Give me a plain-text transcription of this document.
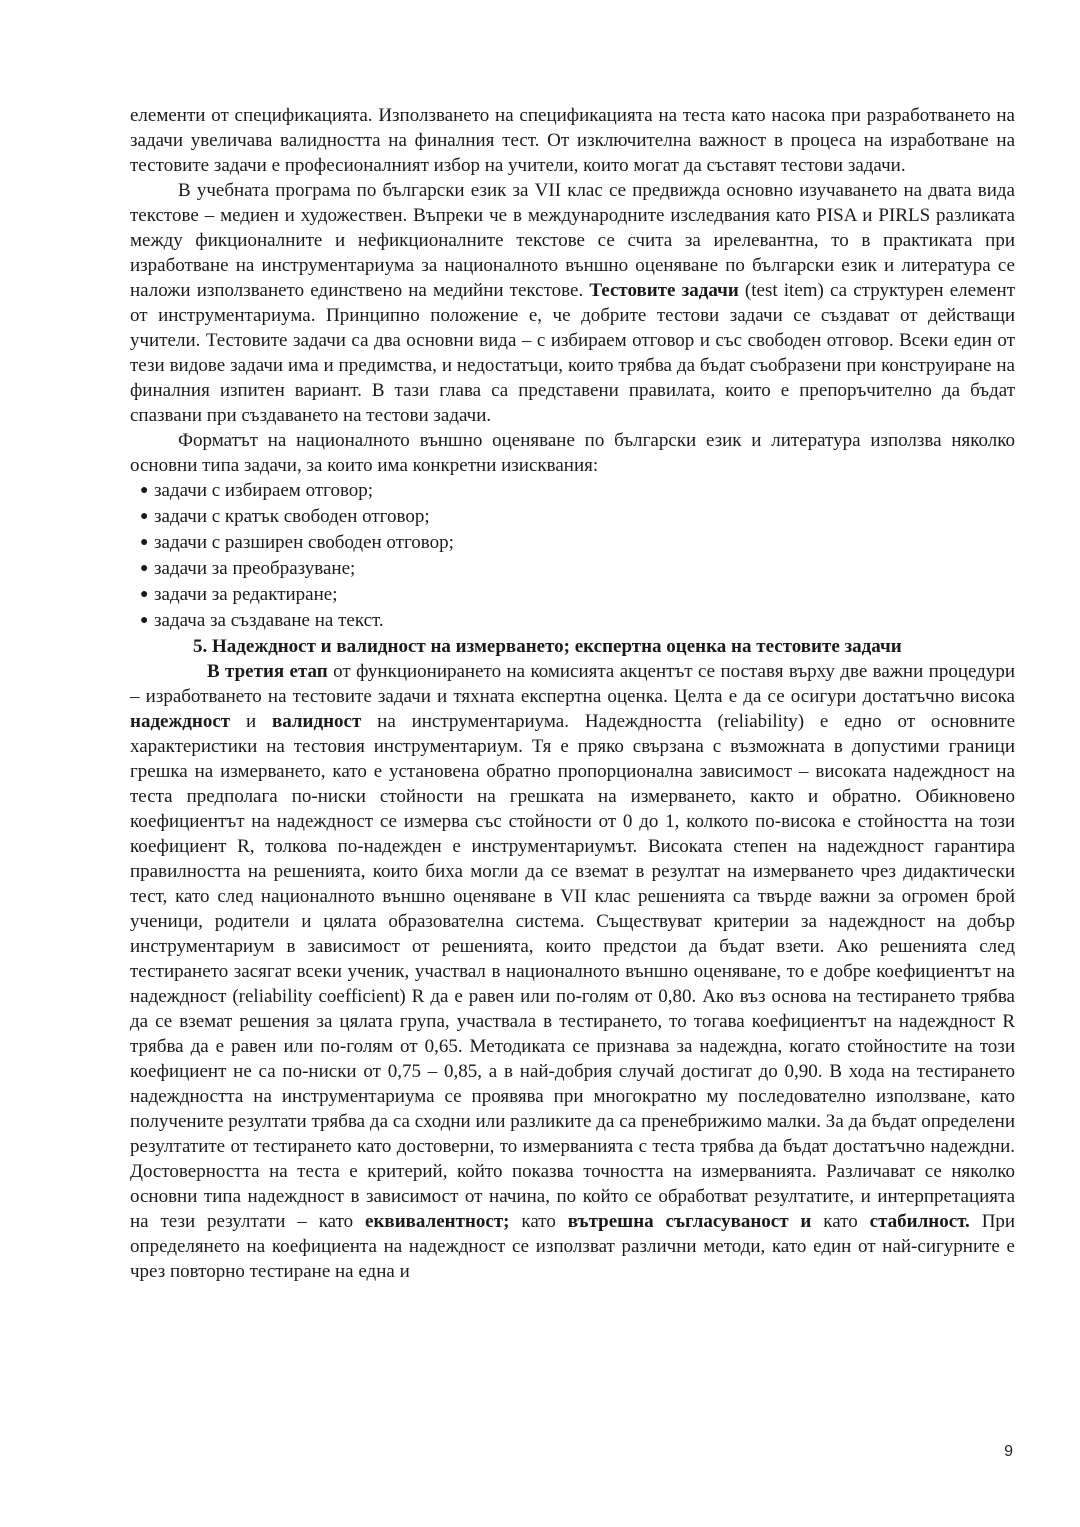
елементи от спецификацията. Използването на спецификацията на теста като насока при разработването на задачи увеличава валидността на финалния тест. От изключителна важност в процеса на изработване на тестовите задачи е професионалният избор на учители, които могат да съставят тестови задачи.

В учебната програма по български език за VII клас се предвижда основно изучаването на двата вида текстове – медиен и художествен. Въпреки че в международните изследвания като PISA и PIRLS разликата между фикционалните и нефикционалните текстове се счита за ирелевантна, то в практиката при изработване на инструментариума за националното външно оценяване по български език и литература се наложи използването единствено на медийни текстове. Тестовите задачи (test item) са структурен елемент от инструментариума. Принципно положение е, че добрите тестови задачи се създават от действащи учители. Тестовите задачи са два основни вида – с избираем отговор и със свободен отговор. Всеки един от тези видове задачи има и предимства, и недостатъци, които трябва да бъдат съобразени при конструиране на финалния изпитен вариант. В тази глава са представени правилата, които е препоръчително да бъдат спазвани при създаването на тестови задачи.

Форматът на националното външно оценяване по български език и литература използва няколко основни типа задачи, за които има конкретни изисквания:

● задачи с избираем отговор;
● задачи с кратък свободен отговор;
● задачи с разширен свободен отговор;
● задачи за преобразуване;
● задачи за редактиране;
● задача за създаване на текст.
5. Надеждност и валидност на измерването; експертна оценка на тестовите задачи

В третия етап от функционирането на комисията акцентът се поставя върху две важни процедури – изработването на тестовите задачи и тяхната експертна оценка. Целта е да се осигури достатъчно висока надеждност и валидност на инструментариума. Надеждността (reliability) е едно от основните характеристики на тестовия инструментариум. Тя е пряко свързана с възможната в допустими граници грешка на измерването, като е установена обратно пропорционална зависимост – високата надеждност на теста предполага по-ниски стойности на грешката на измерването, както и обратно. Обикновено коефициентът на надеждност се измерва със стойности от 0 до 1, колкото по-висока е стойността на този коефициент R, толкова по-надежден е инструментариумът. Високата степен на надеждност гарантира правилността на решенията, които биха могли да се вземат в резултат на измерването чрез дидактически тест, като след националното външно оценяване в VII клас решенията са твърде важни за огромен брой ученици, родители и цялата образователна система. Съществуват критерии за надеждност на добър инструментариум в зависимост от решенията, които предстои да бъдат взети. Ако решенията след тестирането засягат всеки ученик, участвал в националното външно оценяване, то е добре коефициентът на надеждност (reliability coefficient) R да е равен или по-голям от 0,80. Ако въз основа на тестирането трябва да се вземат решения за цялата група, участвала в тестирането, то тогава коефициентът на надеждност R трябва да е равен или по-голям от 0,65. Методиката се признава за надеждна, когато стойностите на този коефициент не са по-ниски от 0,75 – 0,85, а в най-добрия случай достигат до 0,90. В хода на тестирането надеждността на инструментариума се проявява при многократно му последователно използване, като получените резултати трябва да са сходни или разликите да са пренебрижимо малки. За да бъдат определени резултатите от тестирането като достоверни, то измерванията с теста трябва да бъдат достатъчно надеждни. Достоверността на теста е критерий, който показва точността на измерванията. Различават се няколко основни типа надеждност в зависимост от начина, по който се обработват резултатите, и интерпретацията на тези резултати – като еквивалентност; като вътрешна съгласуваност и като стабилност. При определянето на коефициента на надеждност се използват различни методи, като един от най-сигурните е чрез повторно тестиране на една и

9
